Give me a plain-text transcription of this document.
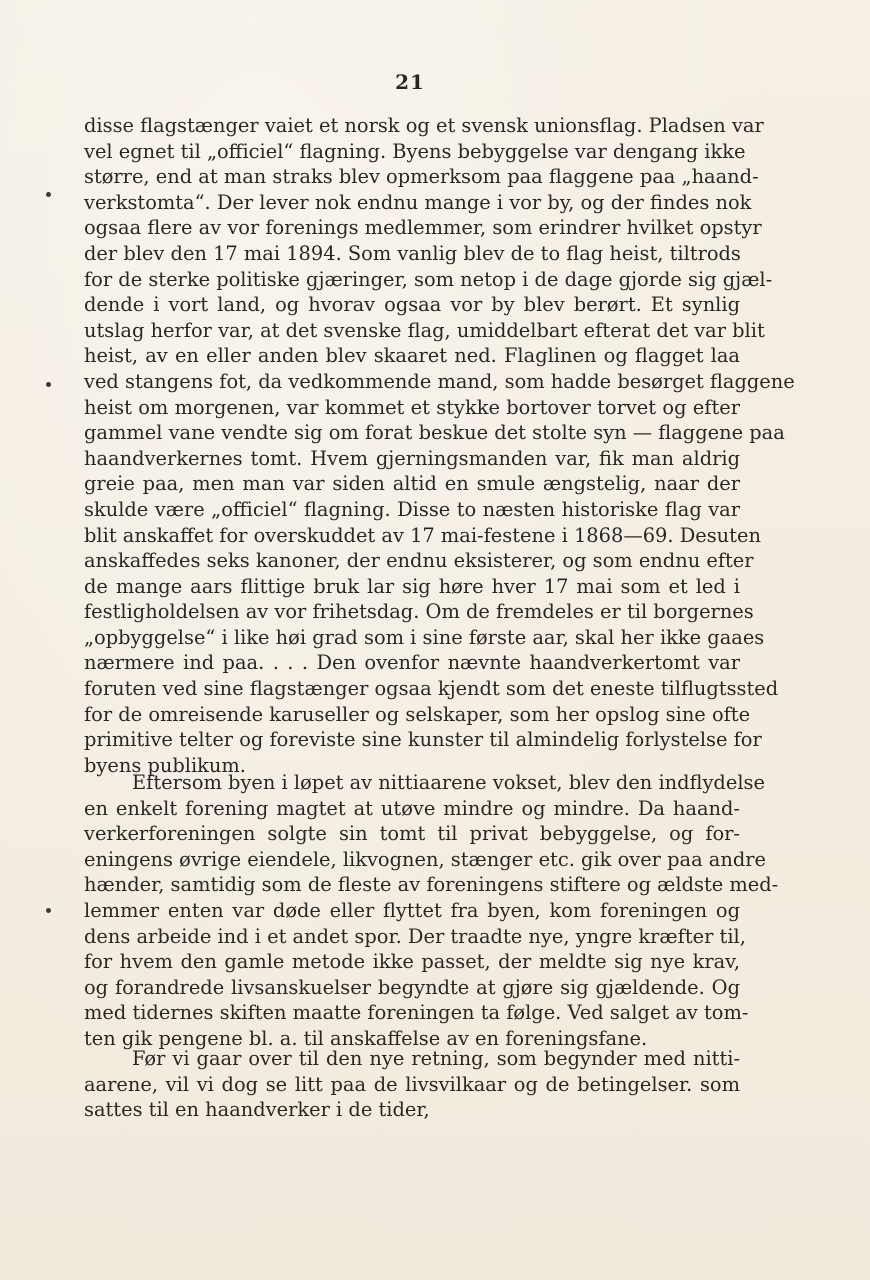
21
disse flagstænger vaiet et norsk og et svensk unionsflag. Pladsen var
vel egnet til „officiel“ flagning. Byens bebyggelse var dengang ikke
større, end at man straks blev opmerksom paa flaggene paa „haand-
verkstomta“. Der lever nok endnu mange i vor by, og der findes nok
ogsaa flere av vor forenings medlemmer, som erindrer hvilket opstyr
der blev den 17 mai 1894. Som vanlig blev de to flag heist, tiltrods
for de sterke politiske gjæringer, som netop i de dage gjorde sig gjæl-
dende i vort land, og hvorav ogsaa vor by blev berørt. Et synlig
utslag herfor var, at det svenske flag, umiddelbart efterat det var blit
heist, av en eller anden blev skaaret ned. Flaglinen og flagget laa
ved stangens fot, da vedkommende mand, som hadde besørget flaggene
heist om morgenen, var kommet et stykke bortover torvet og efter
gammel vane vendte sig om forat beskue det stolte syn — flaggene paa
haandverkernes tomt. Hvem gjerningsmanden var, fik man aldrig
greie paa, men man var siden altid en smule ængstelig, naar der
skulde være „officiel“ flagning. Disse to næsten historiske flag var
blit anskaffet for overskuddet av 17 mai-festene i 1868—69. Desuten
anskaffedes seks kanoner, der endnu eksisterer, og som endnu efter
de mange aars flittige bruk lar sig høre hver 17 mai som et led i
festligholdelsen av vor frihetsdag. Om de fremdeles er til borgernes
„opbyggelse“ i like høi grad som i sine første aar, skal her ikke gaaes
nærmere ind paa. . . . Den ovenfor nævnte haandverkertomt var
foruten ved sine flagstænger ogsaa kjendt som det eneste tilflugtssted
for de omreisende karuseller og selskaper, som her opslog sine ofte
primitive telter og foreviste sine kunster til almindelig forlystelse for
byens publikum.
Eftersom byen i løpet av nittiaarene vokset, blev den indflydelse
en enkelt forening magtet at utøve mindre og mindre. Da haand-
verkerforeningen solgte sin tomt til privat bebyggelse, og for-
eningens øvrige eiendele, likvognen, stænger etc. gik over paa andre
hænder, samtidig som de fleste av foreningens stiftere og ældste med-
lemmer enten var døde eller flyttet fra byen, kom foreningen og
dens arbeide ind i et andet spor. Der traadte nye, yngre kræfter til,
for hvem den gamle metode ikke passet, der meldte sig nye krav,
og forandrede livsanskuelser begyndte at gjøre sig gjældende. Og
med tidernes skiften maatte foreningen ta følge. Ved salget av tom-
ten gik pengene bl. a. til anskaffelse av en foreningsfane.
Før vi gaar over til den nye retning, som begynder med nitti-
aarene, vil vi dog se litt paa de livsvilkaar og de betingelser. som
sattes til en haandverker i de tider,
